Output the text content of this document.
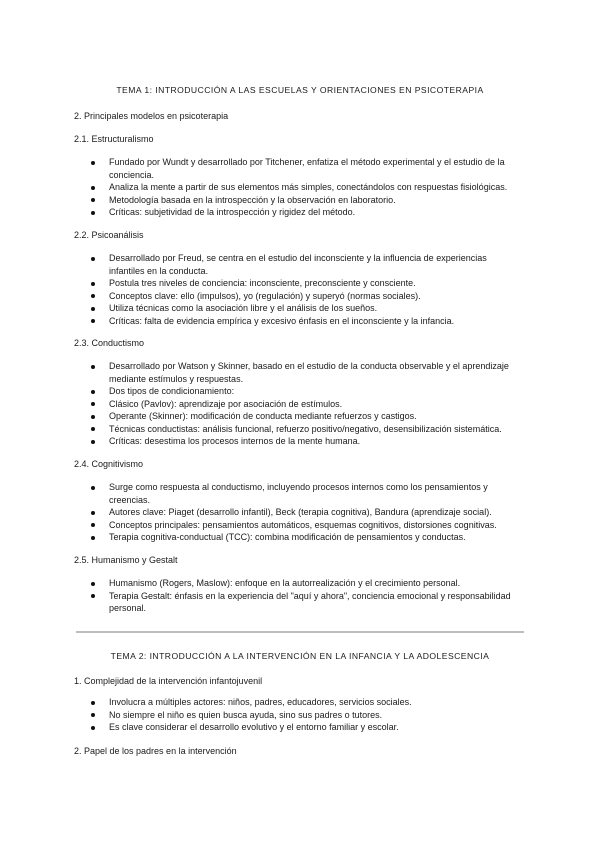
TEMA 1: INTRODUCCIÓN A LAS ESCUELAS Y ORIENTACIONES EN PSICOTERAPIA
2. Principales modelos en psicoterapia
2.1. Estructuralismo
Fundado por Wundt y desarrollado por Titchener, enfatiza el método experimental y el estudio de la conciencia.
Analiza la mente a partir de sus elementos más simples, conectándolos con respuestas fisiológicas.
Metodología basada en la introspección y la observación en laboratorio.
Críticas: subjetividad de la introspección y rigidez del método.
2.2. Psicoanálisis
Desarrollado por Freud, se centra en el estudio del inconsciente y la influencia de experiencias infantiles en la conducta.
Postula tres niveles de conciencia: inconsciente, preconsciente y consciente.
Conceptos clave: ello (impulsos), yo (regulación) y superyó (normas sociales).
Utiliza técnicas como la asociación libre y el análisis de los sueños.
Críticas: falta de evidencia empírica y excesivo énfasis en el inconsciente y la infancia.
2.3. Conductismo
Desarrollado por Watson y Skinner, basado en el estudio de la conducta observable y el aprendizaje mediante estímulos y respuestas.
Dos tipos de condicionamiento:
Clásico (Pavlov): aprendizaje por asociación de estímulos.
Operante (Skinner): modificación de conducta mediante refuerzos y castigos.
Técnicas conductistas: análisis funcional, refuerzo positivo/negativo, desensibilización sistemática.
Críticas: desestima los procesos internos de la mente humana.
2.4. Cognitivismo
Surge como respuesta al conductismo, incluyendo procesos internos como los pensamientos y creencias.
Autores clave: Piaget (desarrollo infantil), Beck (terapia cognitiva), Bandura (aprendizaje social).
Conceptos principales: pensamientos automáticos, esquemas cognitivos, distorsiones cognitivas.
Terapia cognitiva-conductual (TCC): combina modificación de pensamientos y conductas.
2.5. Humanismo y Gestalt
Humanismo (Rogers, Maslow): enfoque en la autorrealización y el crecimiento personal.
Terapia Gestalt: énfasis en la experiencia del "aquí y ahora", conciencia emocional y responsabilidad personal.
TEMA 2: INTRODUCCIÓN A LA INTERVENCIÓN EN LA INFANCIA Y LA ADOLESCENCIA
1. Complejidad de la intervención infantojuvenil
Involucra a múltiples actores: niños, padres, educadores, servicios sociales.
No siempre el niño es quien busca ayuda, sino sus padres o tutores.
Es clave considerar el desarrollo evolutivo y el entorno familiar y escolar.
2. Papel de los padres en la intervención
